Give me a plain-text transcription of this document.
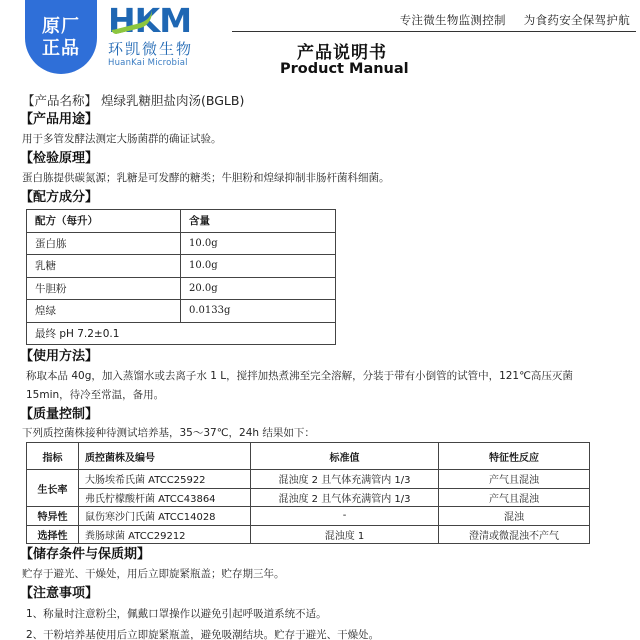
原厂
正品
HKM
环凯微生物
HuanKai Microbial
专注微生物监测控制 为食药安全保驾护航
产品说明书
Product Manual
【产品名称】 煌绿乳糖胆盐肉汤(BGLB)
【产品用途】
用于多管发酵法测定大肠菌群的确证试验。
【检验原理】
蛋白胨提供碳氮源；乳糖是可发酵的糖类；牛胆粉和煌绿抑制非肠杆菌科细菌。
【配方成分】
配方（每升）	含量
蛋白胨	10.0g
乳糖	10.0g
牛胆粉	20.0g
煌绿	0.0133g
最终 pH 7.2±0.1	
【使用方法】
称取本品 40g，加入蒸馏水或去离子水 1 L，搅拌加热煮沸至完全溶解，分装于带有小倒管的试管中，121℃高压灭菌
15min，待冷至常温，备用。
【质量控制】
下列质控菌株接种待测试培养基，35～37℃，24h 结果如下：
指标	质控菌株及编号	标准值	特征性反应
生长率	大肠埃希氏菌 ATCC25922	混浊度 2 且气体充满管内 1/3	产气且混浊
	弗氏柠檬酸杆菌 ATCC43864	混浊度 2 且气体充满管内 1/3	产气且混浊
特异性	鼠伤寒沙门氏菌 ATCC14028	-	混浊
选择性	粪肠球菌 ATCC29212	混浊度 1	澄清或微混浊不产气
【储存条件与保质期】
贮存于避光、干燥处，用后立即旋紧瓶盖；贮存期三年。
【注意事项】
1、称量时注意粉尘，佩戴口罩操作以避免引起呼吸道系统不适。
2、干粉培养基使用后立即旋紧瓶盖，避免吸潮结块。贮存于避光、干燥处。
